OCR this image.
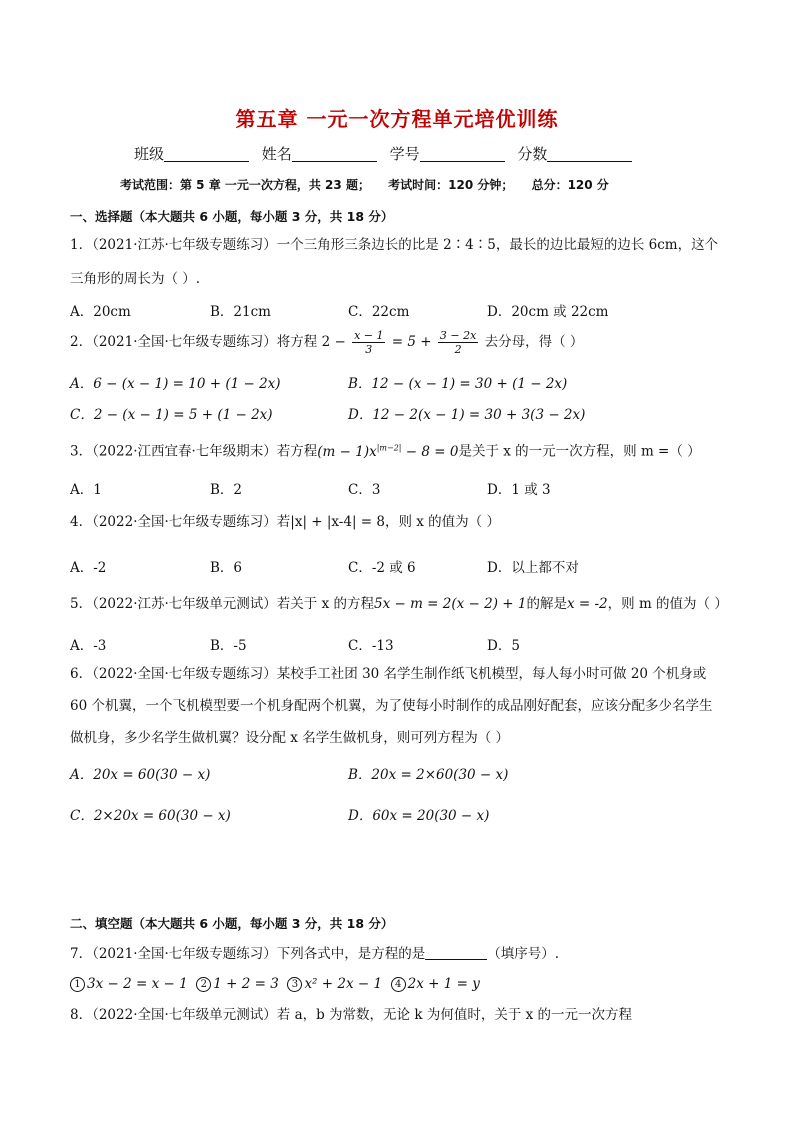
第五章 一元一次方程单元培优训练
班级	姓名	学号	分数
考试范围：第 5 章 一元一次方程，共 23 题； 考试时间：120 分钟； 总分：120 分
一、选择题（本大题共 6 小题，每小题 3 分，共 18 分）
1．（2021·江苏·七年级专题练习）一个三角形三条边长的比是 2∶4∶5，最长的边比最短的边长 6cm，这个
三角形的周长为（ ）.
A．20cm	B．21cm	C．22cm	D．20cm 或 22cm
2．（2021·全国·七年级专题练习）将方程 $2 - \frac{x - 1}{3} = 5 + \frac{3 - 2x}{2}$ 去分母，得（ ）
A．6 − (x − 1) = 10 + (1 − 2x)	B．12 − (x − 1) = 30 + (1 − 2x)
C．2 − (x − 1) = 5 + (1 − 2x)	D．12 − 2(x − 1) = 30 + 3(3 − 2x)
3．（2022·江西宜春·七年级期末）若方程$(m - 1)x^{|m-2|} - 8 = 0$是关于 x 的一元一次方程，则 m =（ ）
A．1	B．2	C．3	D．1 或 3
4．（2022·全国·七年级专题练习）若|x| + |x-4| = 8，则 x 的值为（ ）
A．-2	B．6	C．-2 或 6	D．以上都不对
5．（2022·江苏·七年级单元测试）若关于 x 的方程5x − m = 2(x − 2) + 1的解是x = -2，则 m 的值为（ ）
A．-3	B．-5	C．-13	D．5
6．（2022·全国·七年级专题练习）某校手工社团 30 名学生制作纸飞机模型，每人每小时可做 20 个机身或 60 个机翼，一个飞机模型要一个机身配两个机翼，为了使每小时制作的成品刚好配套，应该分配多少名学生做机身，多少名学生做机翼？设分配 x 名学生做机身，则可列方程为（ ）
A．20x = 60(30 − x)	B．20x = 2×60(30 − x)
C．2×20x = 60(30 − x)	D．60x = 20(30 − x)
二、填空题（本大题共 6 小题，每小题 3 分，共 18 分）
7．（2021·全国·七年级专题练习）下列各式中，是方程的是	（填序号）.
1 3x − 2 = x − 1 2 1 + 2 = 3 3 x² + 2x − 1 4 2x + 1 = y
8．（2022·全国·七年级单元测试）若 a，b 为常数，无论 k 为何值时，关于 x 的一元一次方程
